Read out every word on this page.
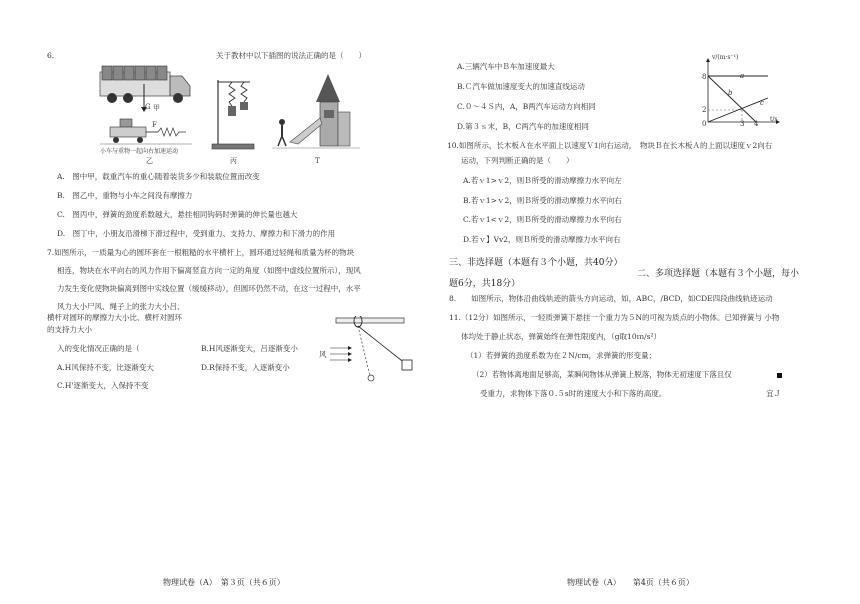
6.	关于教材中以下插图的说法正确的是（　　）
G 甲
F
小车与重物一起向右加速运动
乙	丙	T
A.　图中甲，载重汽车的重心随着装货多少和装载位置而改变
B.　图乙中，重物与小车之间没有摩擦力
C.　图丙中，弹簧的劲度系数越大，悬挂相同钩码时弹簧的伸长量也越大
D.　图丁中，小朋友沿滑梯下滑过程中，受到重力、支持力、摩擦力和下滑力的作用
7.如图所示，一质量为心的圆环套在一根粗糙的水平横杆上，圆环通过轻绳和质量为杯的物块
相连，物块在水平向右的风力作用下偏离竖直方向一定的角度（如图中虚线位置所示），现风
力发生变化使物块偏离到图中实线位置（缓缓移动），但圆环仍然不动，在这一过程中，水平
风力大小尸风、绳子上的张力大小吕、
横杆对圆环的摩擦力大小比、横杆对圆环
的支持力大小
入的变化情况正确的是（
风
B.H风逐渐变大，吕逐渐变小
A.H风保持不变，比逐渐变大	D.R保持不变，入逐渐变小
C.H'逐渐变大，入保持不变
物理试卷（A）　第３页（共６页）
A.三辆汽车中Ｂ车加速度最大
B.Ｃ汽车做加速度变大的加速直线运动
C.０～４Ｓ内，A，B两汽车运动方向相同
D.第３ｓ末，B，C两汽车的加速度相同
v/(m·s⁻¹)
t/s
8
2
0	3 4
a
b
c
10.如图所示，长木板Ａ在水平面上以速度Ｖ1向右运动，　物块Ｂ在长木板Ａ的上面以速度ｖ2向右
运动，下列判断正确的是（　　）
A.若ｖ1>ｖ2，则Ｂ所受的滑动摩擦力水平向左
B.若ｖ1>ｖ2，则Ｂ所受的滑动摩擦力水平向右
C.若ｖ1<ｖ2，则Ｂ所受的滑动摩擦力水平向右
D.若ｖ】Vv2，则Ｂ所受的滑动摩擦力水平向右
三、非选择题（本题有３个小题，共40分）
二、多项选择题（本题有３个小题，每小
题6分，共18分）
8.　　如图所示，物体沿曲线轨迹的箭头方向运动，如，ABC，/BCD，如CDE四段曲线轨迹运动
11.（12分）如图所示，一轻质弹簧下悬挂一个重力为５N的可视为质点的小物体。已知弹簧与 小物
体均处于静止状态，弹簧始终在弹性限度内，（g取10ｍ/s²）
（1）若弹簧的劲度系数为在２N/cm，求弹簧的形变量；
（2）若物体离地面足够高，某瞬间物体从弹簧上脱落，物体无初速度下落且仅
受重力，求物体下落０.５s时的速度大小和下落的高度。	宜Ｊ
物理试卷（A）　　第4页（共６页）
